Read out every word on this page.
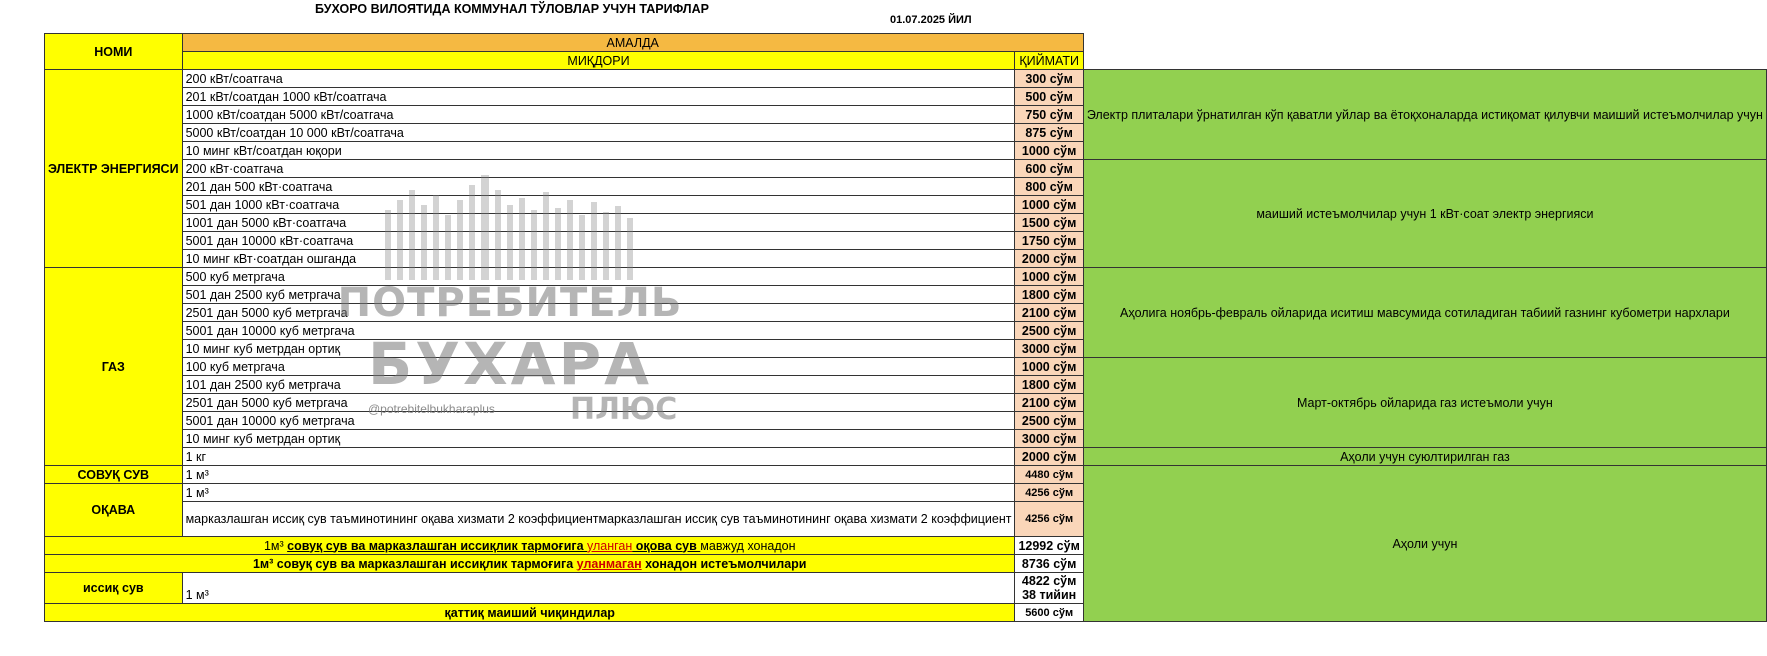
БУХОРО ВИЛОЯТИДА КОММУНАЛ ТЎЛОВЛАР УЧУН ТАРИФЛАР
01.07.2025 ЙИЛ
НОМИ	АМАЛДА		
	МИҚДОРИ	ҚИЙМАТИ	
ЭЛЕКТР ЭНЕРГИЯСИ	200 кВт/соатгача	300 сўм	Электр плиталари ўрнатилган кўп қаватли уйлар ва ётоқхоналарда истиқомат қилувчи маиший истеъмолчилар учун
	201 кВт/соатдан 1000 кВт/соатгача	500 сўм	
	1000 кВт/соатдан 5000 кВт/соатгача	750 сўм	
	5000 кВт/соатдан 10 000 кВт/соатгача	875 сўм	
	10 минг кВт/соатдан юқори	1000 сўм	
	200 кВт·соатгача	600 сўм	маиший истеъмолчилар учун 1 кВт·соат электр энергияси
	201 дан 500 кВт·соатгача	800 сўм	
	501 дан 1000 кВт·соатгача	1000 сўм	
	1001 дан 5000 кВт·соатгача	1500 сўм	
	5001 дан 10000 кВт·соатгача	1750 сўм	
	10 минг кВт·соатдан ошганда	2000 сўм	
ГАЗ	500 куб метргача	1000 сўм	Аҳолига ноябрь-февраль ойларида иситиш мавсумида сотиладиган табиий газнинг кубометри нархлари
	501 дан 2500 куб метргача	1800 сўм	
	2501 дан 5000 куб метргача	2100 сўм	
	5001 дан 10000 куб метргача	2500 сўм	
	10 минг куб метрдан ортиқ	3000 сўм	
	100 куб метргача	1000 сўм	Март-октябрь ойларида газ истеъмоли учун
	101 дан 2500 куб метргача	1800 сўм	
	2501 дан 5000 куб метргача	2100 сўм	
	5001 дан 10000 куб метргача	2500 сўм	
	10 минг куб метрдан ортиқ	3000 сўм	
	1 кг	2000 сўм	Аҳоли учун суюлтирилган газ
СОВУҚ СУВ	1 м³	4480 сўм	Аҳоли учун
ОҚАВА	1 м³	4256 сўм	
	марказлашган иссиқ сув таъминотининг оқава хизмати 2 коэффициентмарказлашган иссиқ сув таъминотининг оқава хизмати 2 коэффициент	4256 сўм	
1м³ совуқ сув ва марказлашган иссиқлик тармоғига уланган оқова сув мавжуд хонадон		12992 сўм	
1м³ совуқ сув ва марказлашган иссиқлик тармоғига уланмаган хонадон истеъмолчилари		8736 сўм	
иссиқ сув	1 м³	4822 сўм 38 тийин	
қаттиқ маиший чиқиндилар		5600 сўм	
ПОТРЕБИТЕЛЬ
БУХАРА
@potrebitelbukharaplus	ПЛЮС
